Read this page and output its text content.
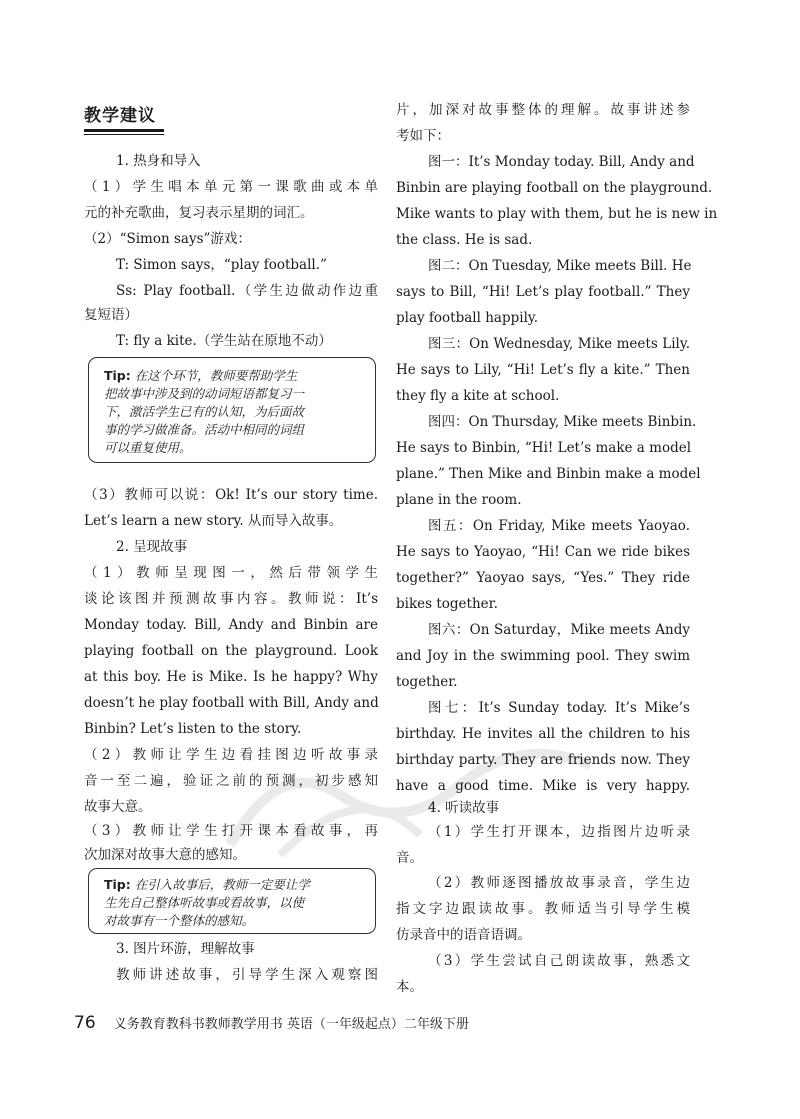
教学建议
1. 热身和导入
（1）学生唱本单元第一课歌曲或本单
元的补充歌曲，复习表示星期的词汇。
（2）“Simon says”游戏：
T: Simon says，“play football.”
Ss: Play football.（学生边做动作边重
复短语）
T: fly a kite.（学生站在原地不动）
Tip: 在这个环节，教师要帮助学生
把故事中涉及到的动词短语都复习一
下，激活学生已有的认知，为后面故
事的学习做准备。活动中相同的词组
可以重复使用。
（3）教师可以说：Ok! It’s our story time.
Let’s learn a new story. 从而导入故事。
2. 呈现故事
（1）教师呈现图一，然后带领学生
谈论该图并预测故事内容。教师说：It’s
Monday today. Bill, Andy and Binbin are
playing football on the playground. Look
at this boy. He is Mike. Is he happy? Why
doesn’t he play football with Bill, Andy and
Binbin? Let’s listen to the story.
（2）教师让学生边看挂图边听故事录
音一至二遍，验证之前的预测，初步感知
故事大意。
（3）教师让学生打开课本看故事，再
次加深对故事大意的感知。
Tip: 在引入故事后，教师一定要让学
生先自己整体听故事或看故事，以使
对故事有一个整体的感知。
3. 图片环游，理解故事
教师讲述故事，引导学生深入观察图
片，加深对故事整体的理解。故事讲述参
考如下：
图一：It’s Monday today. Bill, Andy and
Binbin are playing football on the playground.
Mike wants to play with them, but he is new in
the class. He is sad.
图二：On Tuesday, Mike meets Bill. He
says to Bill, “Hi! Let’s play football.” They
play football happily.
图三：On Wednesday, Mike meets Lily.
He says to Lily, “Hi! Let’s fly a kite.” Then
they fly a kite at school.
图四：On Thursday, Mike meets Binbin.
He says to Binbin, “Hi! Let’s make a model
plane.” Then Mike and Binbin make a model
plane in the room.
图五：On Friday, Mike meets Yaoyao.
He says to Yaoyao, “Hi! Can we ride bikes
together?” Yaoyao says, “Yes.” They ride
bikes together.
图六：On Saturday，Mike meets Andy
and Joy in the swimming pool. They swim
together.
图七：It’s Sunday today. It’s Mike’s
birthday. He invites all the children to his
birthday party. They are friends now. They
have a good time. Mike is very happy.
4. 听读故事
（1）学生打开课本，边指图片边听录
音。
（2）教师逐图播放故事录音，学生边
指文字边跟读故事。教师适当引导学生模
仿录音中的语音语调。
（3）学生尝试自己朗读故事，熟悉文
本。
76 义务教育教科书教师教学用书 英语（一年级起点）二年级下册
